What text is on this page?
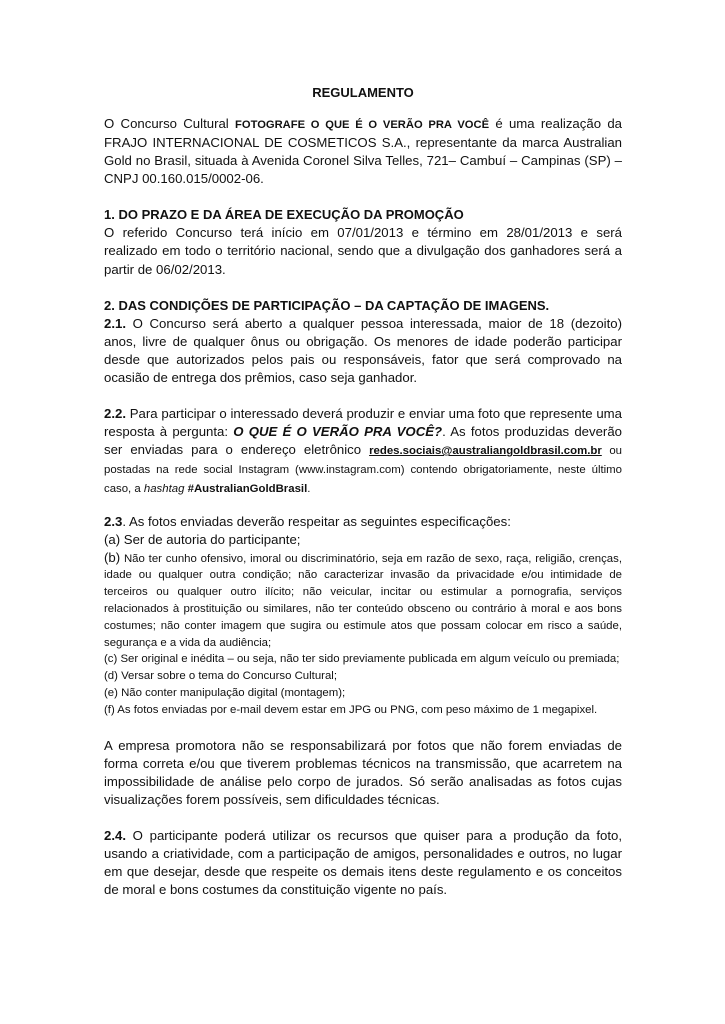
REGULAMENTO

O Concurso Cultural FOTOGRAFE O QUE É O VERÃO PRA VOCÊ é uma realização da FRAJO INTERNACIONAL DE COSMETICOS S.A., representante da marca Australian Gold no Brasil, situada à Avenida Coronel Silva Telles, 721– Cambuí – Campinas (SP) – CNPJ 00.160.015/0002-06.

1. DO PRAZO E DA ÁREA DE EXECUÇÃO DA PROMOÇÃO

O referido Concurso terá início em 07/01/2013 e término em 28/01/2013 e será realizado em todo o território nacional, sendo que a divulgação dos ganhadores será a partir de 06/02/2013.

2. DAS CONDIÇÕES DE PARTICIPAÇÃO – DA CAPTAÇÃO DE IMAGENS.

2.1. O Concurso será aberto a qualquer pessoa interessada, maior de 18 (dezoito) anos, livre de qualquer ônus ou obrigação. Os menores de idade poderão participar desde que autorizados pelos pais ou responsáveis, fator que será comprovado na ocasião de entrega dos prêmios, caso seja ganhador.

2.2. Para participar o interessado deverá produzir e enviar uma foto que represente uma resposta à pergunta: O QUE É O VERÃO PRA VOCÊ?. As fotos produzidas deverão ser enviadas para o endereço eletrônico redes.sociais@australiangoldbrasil.com.br ou postadas na rede social Instagram (www.instagram.com) contendo obrigatoriamente, neste último caso, a hashtag #AustralianGoldBrasil.

2.3. As fotos enviadas deverão respeitar as seguintes especificações:

(a) Ser de autoria do participante;

(b) Não ter cunho ofensivo, imoral ou discriminatório, seja em razão de sexo, raça, religião, crenças, idade ou qualquer outra condição; não caracterizar invasão da privacidade e/ou intimidade de terceiros ou qualquer outro ilícito; não veicular, incitar ou estimular a pornografia, serviços relacionados à prostituição ou similares, não ter conteúdo obsceno ou contrário à moral e aos bons costumes; não conter imagem que sugira ou estimule atos que possam colocar em risco a saúde, segurança e a vida da audiência;

(c) Ser original e inédita – ou seja, não ter sido previamente publicada em algum veículo ou premiada;

(d) Versar sobre o tema do Concurso Cultural;

(e) Não conter manipulação digital (montagem);

(f) As fotos enviadas por e-mail devem estar em JPG ou PNG, com peso máximo de 1 megapixel.

A empresa promotora não se responsabilizará por fotos que não forem enviadas de forma correta e/ou que tiverem problemas técnicos na transmissão, que acarretem na impossibilidade de análise pelo corpo de jurados. Só serão analisadas as fotos cujas visualizações forem possíveis, sem dificuldades técnicas.

2.4. O participante poderá utilizar os recursos que quiser para a produção da foto, usando a criatividade, com a participação de amigos, personalidades e outros, no lugar em que desejar, desde que respeite os demais itens deste regulamento e os conceitos de moral e bons costumes da constituição vigente no país.
